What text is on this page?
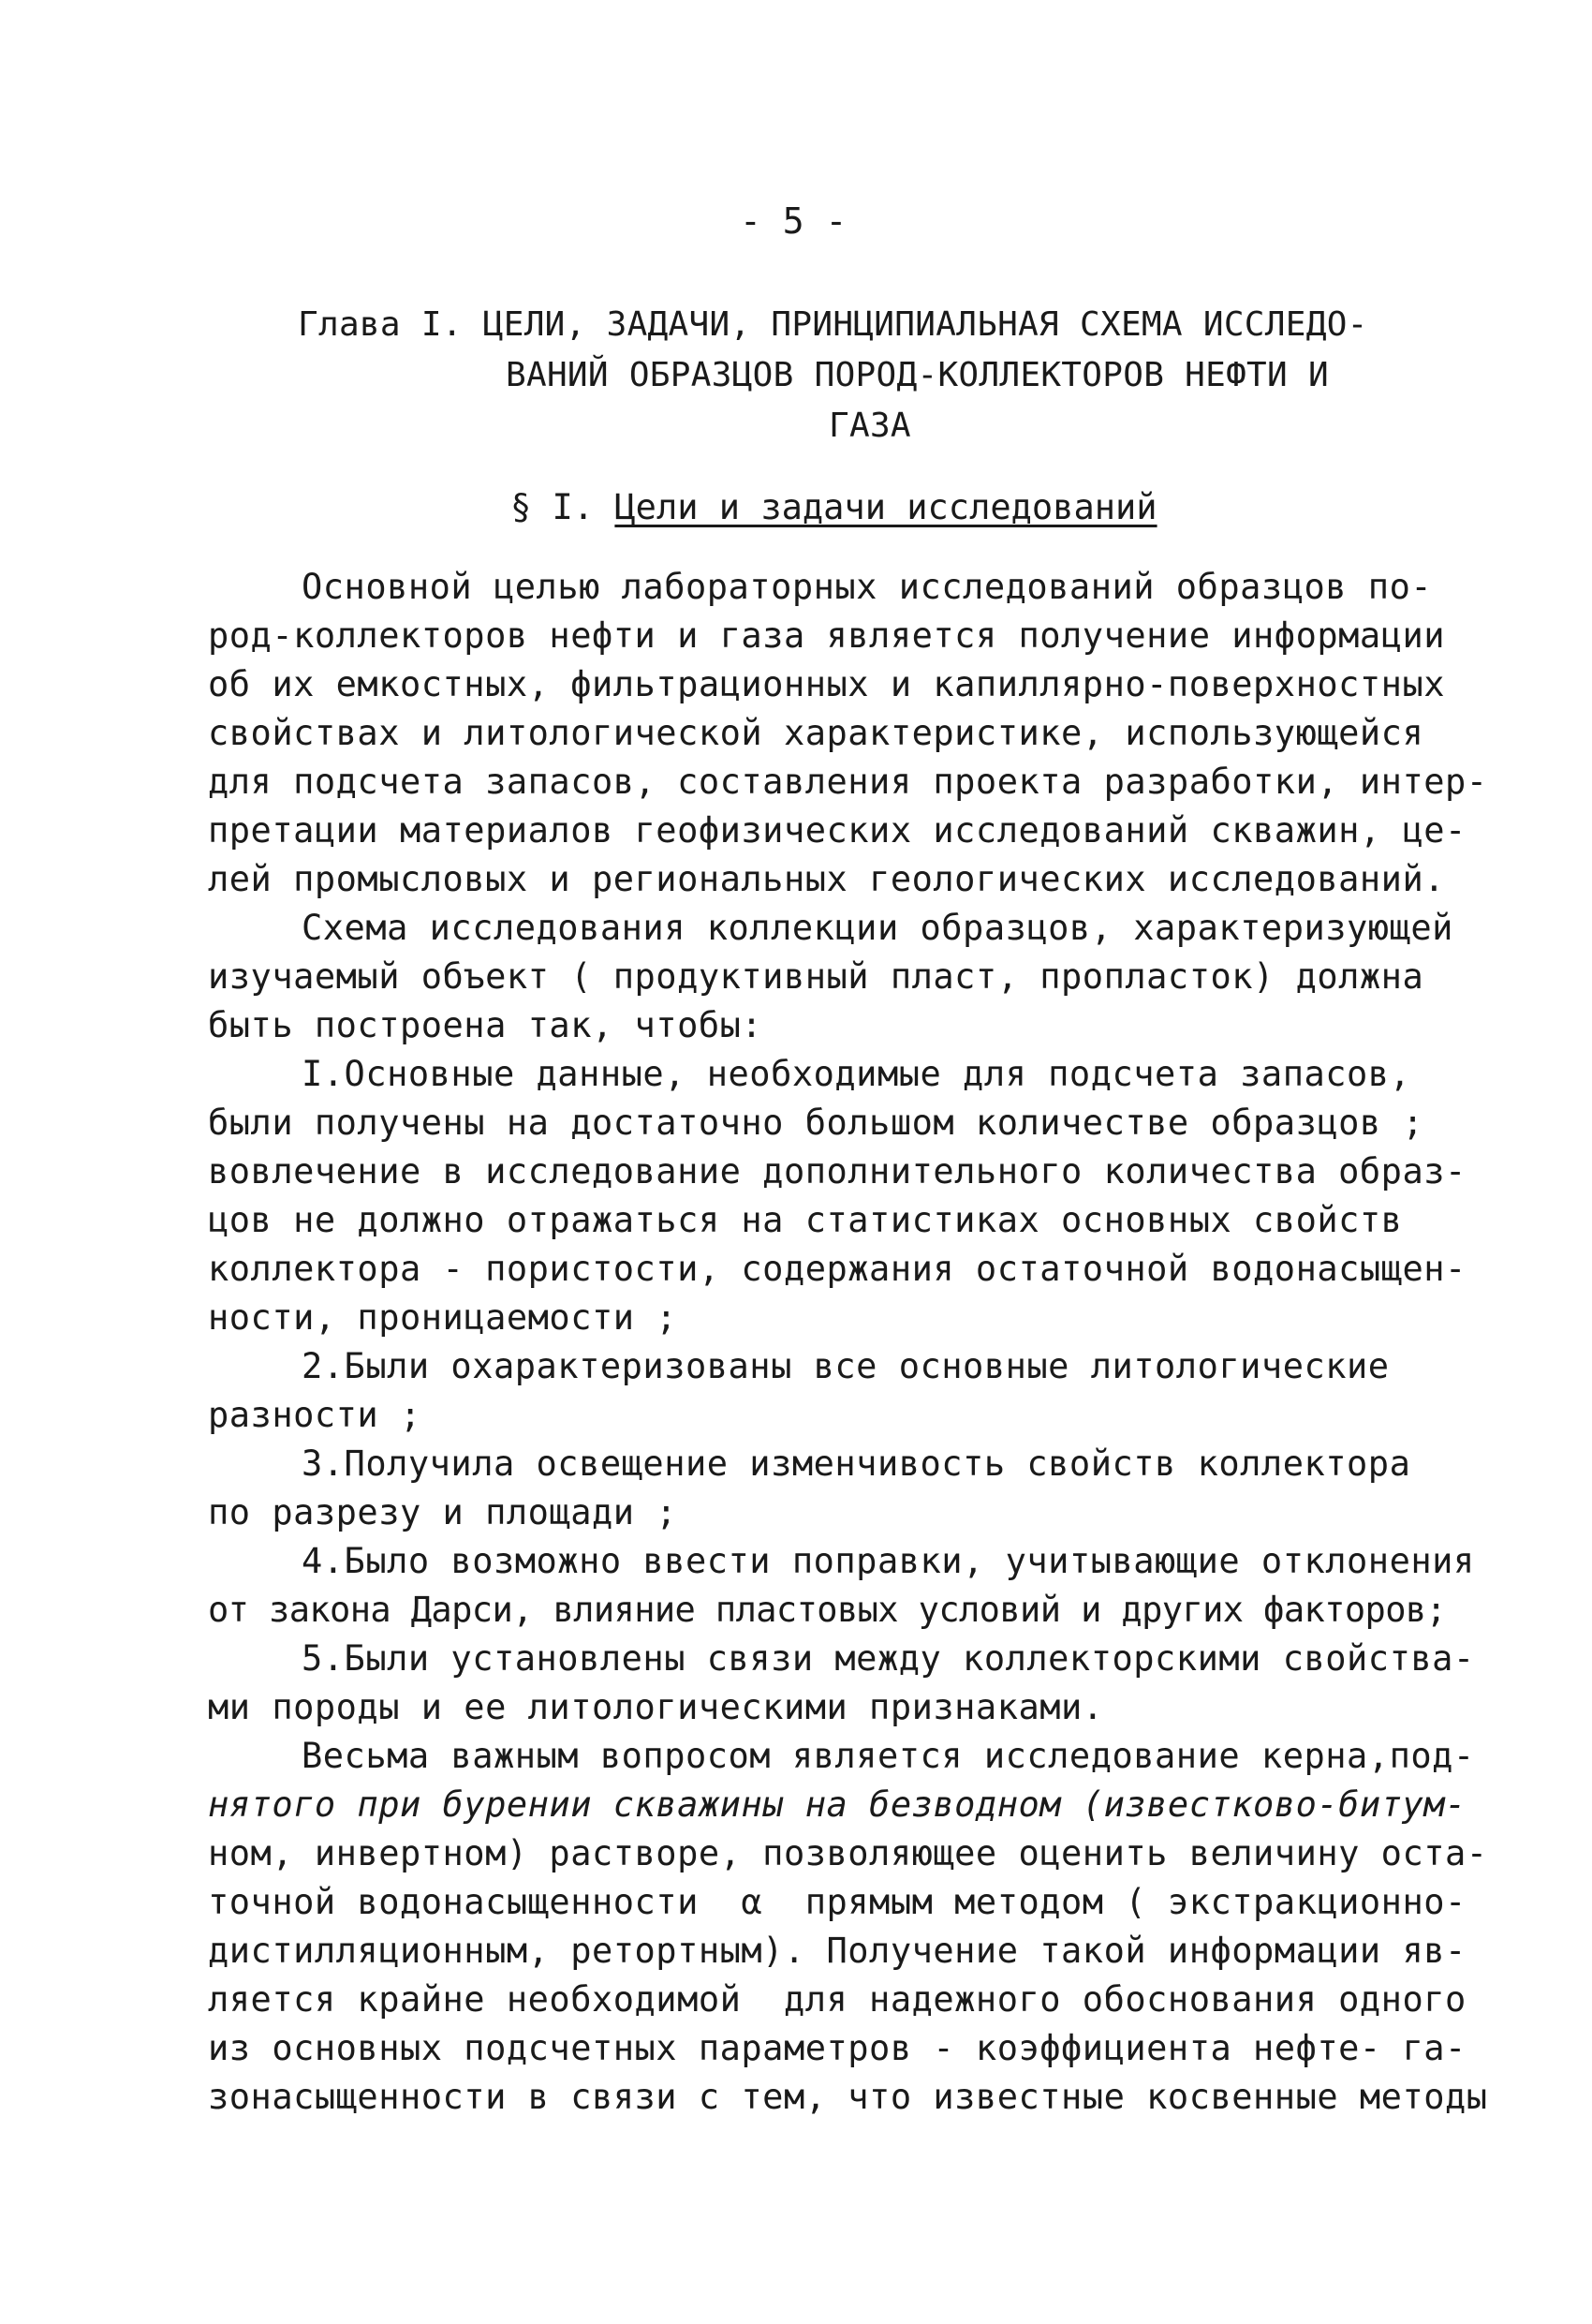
- 5 -
Глава I. ЦЕЛИ, ЗАДАЧИ, ПРИНЦИПИАЛЬНАЯ СХЕМА ИССЛЕДО-
ВАНИЙ ОБРАЗЦОВ ПОРОД-КОЛЛЕКТОРОВ НЕФТИ И
ГАЗА
§ I. Цели и задачи исследований
Основной целью лабораторных исследований образцов по-
род-коллекторов нефти и газа является получение информации
об их емкостных, фильтрационных и капиллярно-поверхностных
свойствах и литологической характеристике, использующейся
для подсчета запасов, составления проекта разработки, интер-
претации материалов геофизических исследований скважин, це-
лей промысловых и региональных геологических исследований.
Схема исследования коллекции образцов, характеризующей
изучаемый объект ( продуктивный пласт, пропласток) должна
быть построена так, чтобы:
I.Основные данные, необходимые для подсчета запасов,
были получены на достаточно большом количестве образцов ;
вовлечение в исследование дополнительного количества образ-
цов не должно отражаться на статистиках основных свойств
коллектора - пористости, содержания остаточной водонасыщен-
ности, проницаемости ;
2.Были охарактеризованы все основные литологические
разности ;
3.Получила освещение изменчивость свойств коллектора
по разрезу и площади ;
4.Было возможно ввести поправки, учитывающие отклонения
от закона Дарси, влияние пластовых условий и других факторов;
5.Были установлены связи между коллекторскими свойства-
ми породы и ее литологическими признаками.
Весьма важным вопросом является исследование керна,под-
нятого при бурении скважины на безводном (известково-битум-
ном, инвертном) растворе, позволяющее оценить величину оста-
точной водонасыщенности  α  прямым методом ( экстракционно-
дистилляционным, ретортным). Получение такой информации яв-
ляется крайне необходимой  для надежного обоснования одного
из основных подсчетных параметров - коэффициента нефте- га-
зонасыщенности в связи с тем, что известные косвенные методы
